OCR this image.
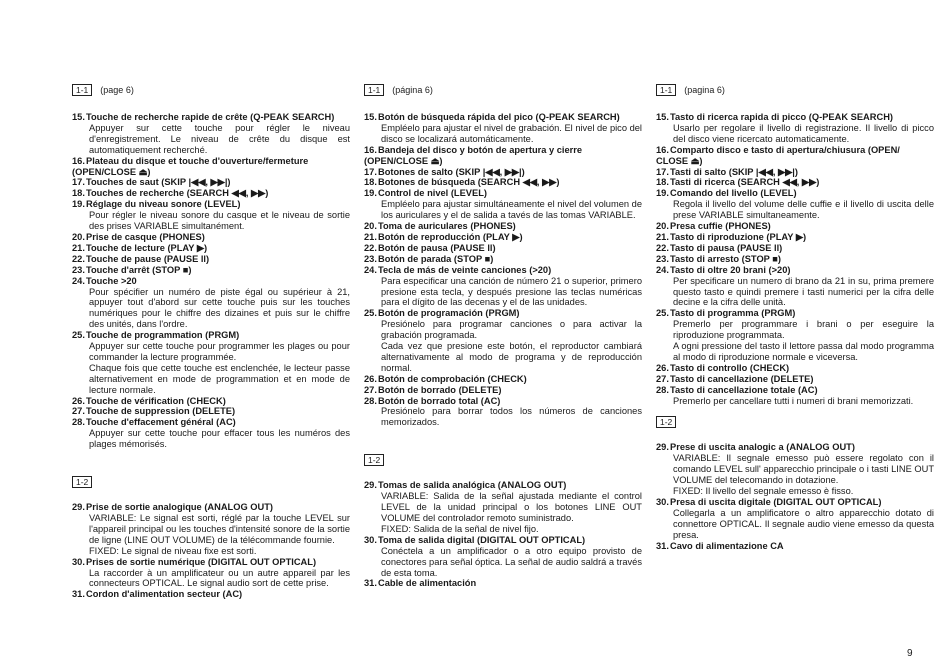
1-1	(page 6)
15.Touche de recherche rapide de crête (Q-PEAK SEARCH)

Appuyer sur cette touche pour régler le niveau d'enregistrement. Le niveau de crête du disque est automatiquement recherché.

16.Plateau du disque et touche d'ouverture/fermeture (OPEN/CLOSE ⏏)
17.Touches de saut (SKIP |◀◀, ▶▶|)
18.Touches de recherche (SEARCH ◀◀, ▶▶)
19.Réglage du niveau sonore (LEVEL)

Pour régler le niveau sonore du casque et le niveau de sortie des prises VARIABLE simultanément.

20.Prise de casque (PHONES)
21.Touche de lecture (PLAY ▶)
22.Touche de pause (PAUSE ll)
23.Touche d'arrêt (STOP ■)
24.Touche >20

Pour spécifier un numéro de piste égal ou supérieur à 21, appuyer tout d'abord sur cette touche puis sur les touches numériques pour le chiffre des dizaines et puis sur le chiffre des unités, dans l'ordre.

25.Touche de programmation (PRGM)

Appuyer sur cette touche pour programmer les plages ou pour commander la lecture programmée.

Chaque fois que cette touche est enclenchée, le lecteur passe alternativement en mode de programmation et en mode de lecture normale.

26.Touche de vérification (CHECK)
27.Touche de suppression (DELETE)
28.Touche d'effacement général (AC)

Appuyer sur cette touche pour effacer tous les numéros des plages mémorisés.

1-2
29.Prise de sortie analogique (ANALOG OUT)

VARIABLE: Le signal est sorti, réglé par la touche LEVEL sur l'appareil principal ou les touches d'intensité sonore de la sortie de ligne (LINE OUT VOLUME) de la télécommande fournie.

FIXED: Le signal de niveau fixe est sorti.

30.Prises de sortie numérique (DIGITAL OUT OPTICAL)

La raccorder à un amplificateur ou un autre appareil par les connecteurs OPTICAL. Le signal audio sort de cette prise.

31.Cordon d'alimentation secteur (AC)
1-1	(página 6)
15.Botón de búsqueda rápida del pico (Q-PEAK SEARCH)

Empléelo para ajustar el nivel de grabación. El nivel de pico del disco se localizará automáticamente.

16.Bandeja del disco y botón de apertura y cierre (OPEN/CLOSE ⏏)
17.Botones de salto (SKIP |◀◀, ▶▶|)
18.Botones de búsqueda (SEARCH ◀◀, ▶▶)
19.Control de nivel (LEVEL)

Empléelo para ajustar simultáneamente el nivel del volumen de los auriculares y el de salida a tavés de las tomas VARIABLE.

20.Toma de auriculares (PHONES)
21.Botón de reproducción (PLAY ▶)
22.Botón de pausa (PAUSE ll)
23.Botón de parada (STOP ■)
24.Tecla de más de veinte canciones (>20)

Para especificar una canción de número 21 o superior, primero presione esta tecla, y después presione las teclas numéricas para el dígito de las decenas y el de las unidades.

25.Botón de programación (PRGM)

Presiónelo para programar canciones o para activar la grabación programada.

Cada vez que presione este botón, el reproductor cambiará alternativamente al modo de programa y de reproducción normal.

26.Botón de comprobación (CHECK)
27.Botón de borrado (DELETE)
28.Botón de borrado total (AC)

Presiónelo para borrar todos los números de canciones memorizados.

1-2
29.Tomas de salida analógica (ANALOG OUT)

VARIABLE: Salida de la señal ajustada mediante el control LEVEL de la unidad principal o los botones LINE OUT VOLUME del controlador remoto suministrado.

FIXED: Salida de la señal de nivel fijo.

30.Toma de salida digital (DIGITAL OUT OPTICAL)

Conéctela a un amplificador o a otro equipo provisto de conectores para señal óptica. La señal de audio saldrá a través de esta toma.

31.Cable de alimentación
1-1	(pagina 6)
15.Tasto di ricerca rapida di picco (Q-PEAK SEARCH)

Usarlo per regolare il livello di registrazione. Il livello di picco del disco viene ricercato automaticamente.

16.Comparto disco e tasto di apertura/chiusura (OPEN/ CLOSE ⏏)
17.Tasti di salto (SKIP |◀◀, ▶▶|)
18.Tasti di ricerca (SEARCH ◀◀, ▶▶)
19.Comando del livello (LEVEL)

Regola il livello del volume delle cuffie e il livello di uscita delle prese VARIABLE simultaneamente.

20.Presa cuffie (PHONES)
21.Tasto di riproduzione (PLAY ▶)
22.Tasto di pausa (PAUSE ll)
23.Tasto di arresto (STOP ■)
24.Tasto di oltre 20 brani (>20)

Per specificare un numero di brano da 21 in su, prima premere questo tasto e quindi premere i tasti numerici per la cifra delle decine e la cifra delle unità.

25.Tasto di programma (PRGM)

Premerlo per programmare i brani o per eseguire la riproduzione programmata.

A ogni pressione del tasto il lettore passa dal modo programma al modo di riproduzione normale e viceversa.

26.Tasto di controllo (CHECK)
27.Tasto di cancellazione (DELETE)
28.Tasto di cancellazione totale (AC)

Premerlo per cancellare tutti i numeri di brani memorizzati.

1-2
29.Prese di uscita analogic a (ANALOG OUT)

VARIABLE: Il segnale emesso può essere regolato con il comando LEVEL sull' apparecchio principale o i tasti LINE OUT VOLUME del telecomando in dotazione.

FIXED: Il livello del segnale emesso è fisso.

30.Presa di uscita digitale (DIGITAL OUT OPTICAL)

Collegarla a un amplificatore o altro apparecchio dotato di connettore OPTICAL. Il segnale audio viene emesso da questa presa.

31.Cavo di alimentazione CA
9
